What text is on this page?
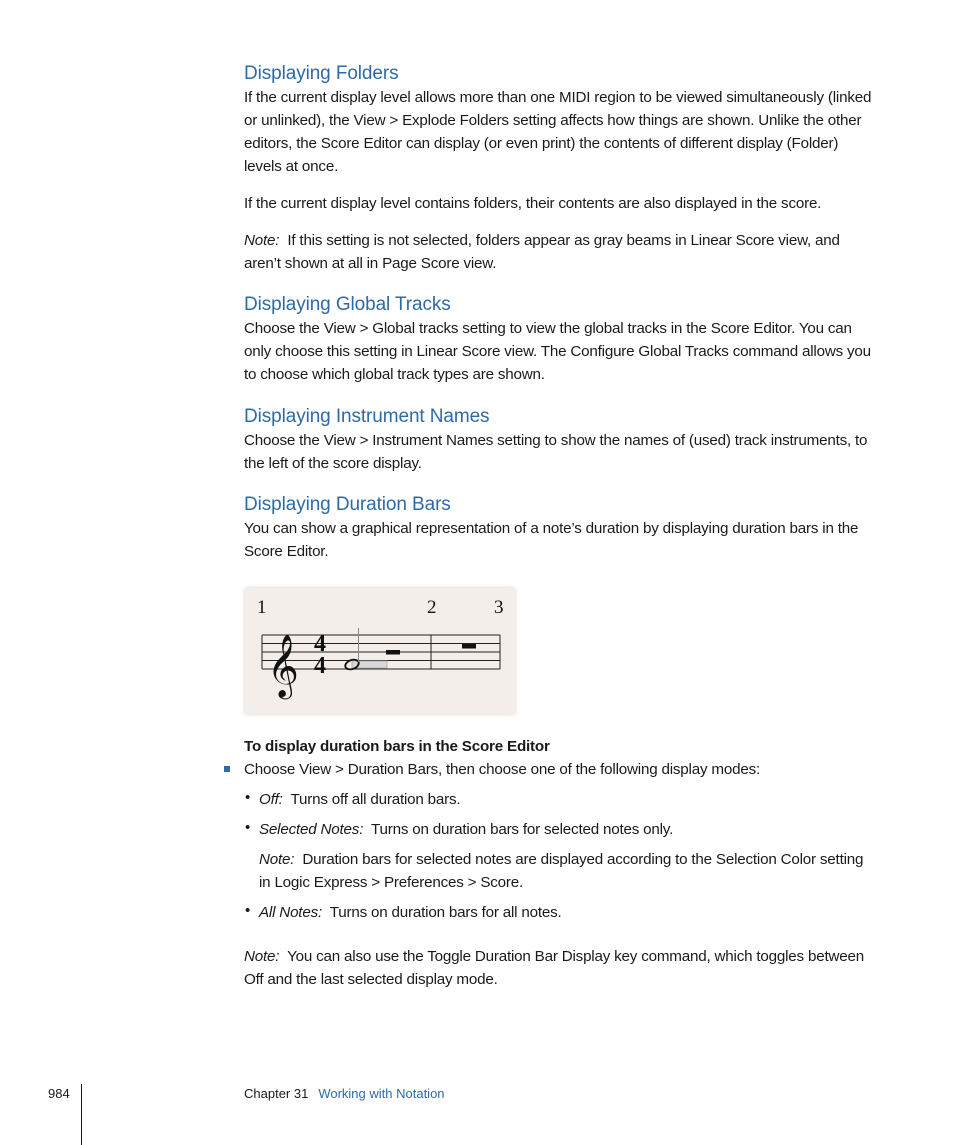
Displaying Folders

If the current display level allows more than one MIDI region to be viewed simultaneously (linked or unlinked), the View > Explode Folders setting affects how things are shown. Unlike the other editors, the Score Editor can display (or even print) the contents of different display (Folder) levels at once.

If the current display level contains folders, their contents are also displayed in the score.

Note: If this setting is not selected, folders appear as gray beams in Linear Score view, and aren’t shown at all in Page Score view.

Displaying Global Tracks

Choose the View > Global tracks setting to view the global tracks in the Score Editor. You can only choose this setting in Linear Score view. The Configure Global Tracks command allows you to choose which global track types are shown.

Displaying Instrument Names

Choose the View > Instrument Names setting to show the names of (used) track instruments, to the left of the score display.

Displaying Duration Bars

You can show a graphical representation of a note’s duration by displaying duration bars in the Score Editor.

1	2	3
𝄞 4
4

To display duration bars in the Score Editor

Choose View > Duration Bars, then choose one of the following display modes:

• Off: Turns off all duration bars.

• Selected Notes: Turns on duration bars for selected notes only.

Note: Duration bars for selected notes are displayed according to the Selection Color setting in Logic Express > Preferences > Score.

• All Notes: Turns on duration bars for all notes.

Note: You can also use the Toggle Duration Bar Display key command, which toggles between Off and the last selected display mode.

984	Chapter 31 Working with Notation
